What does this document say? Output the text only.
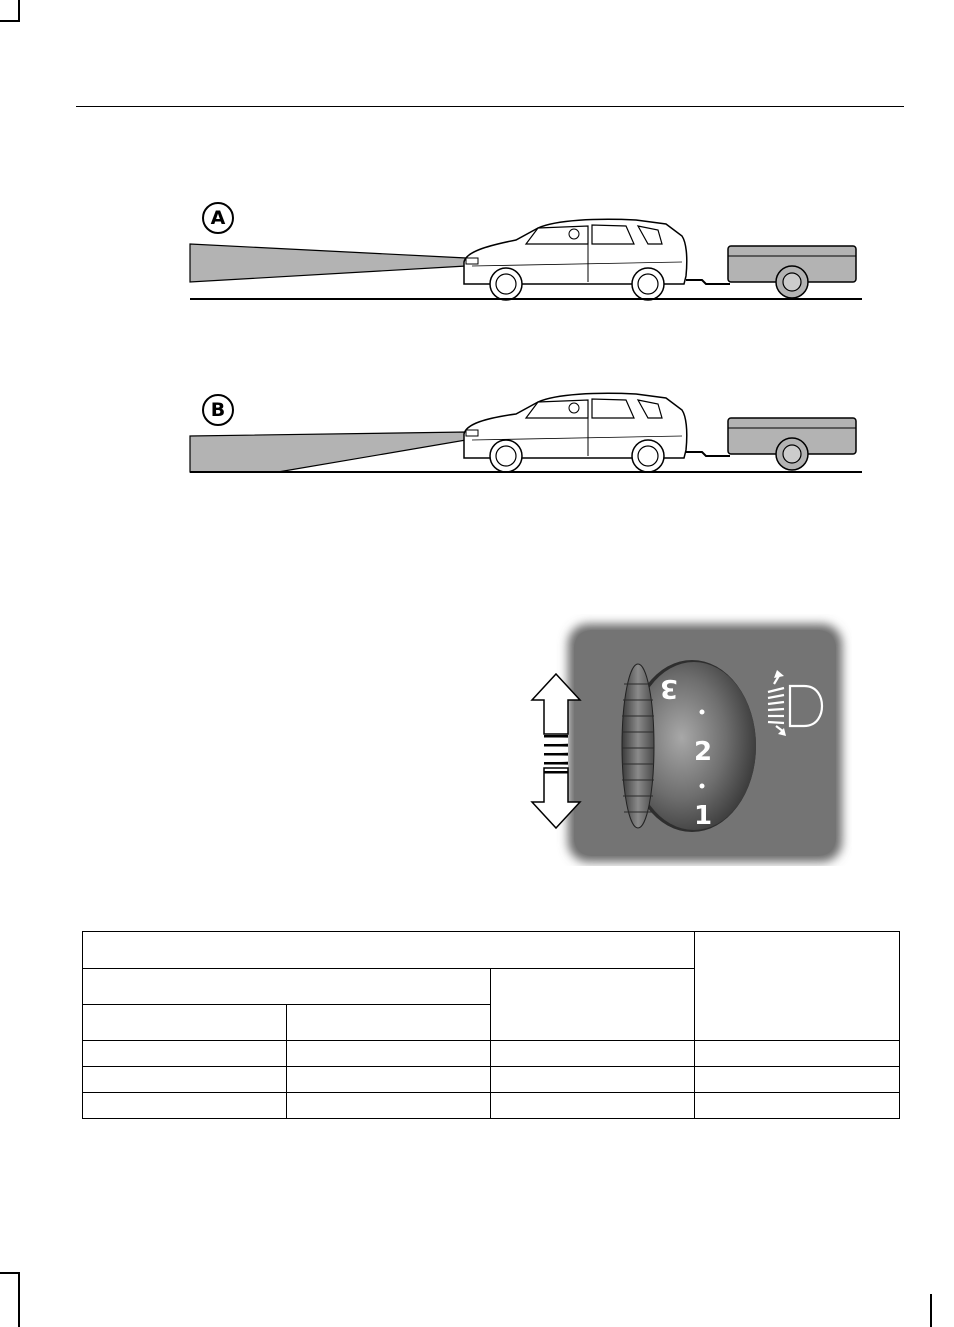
A
B
1
2
3
